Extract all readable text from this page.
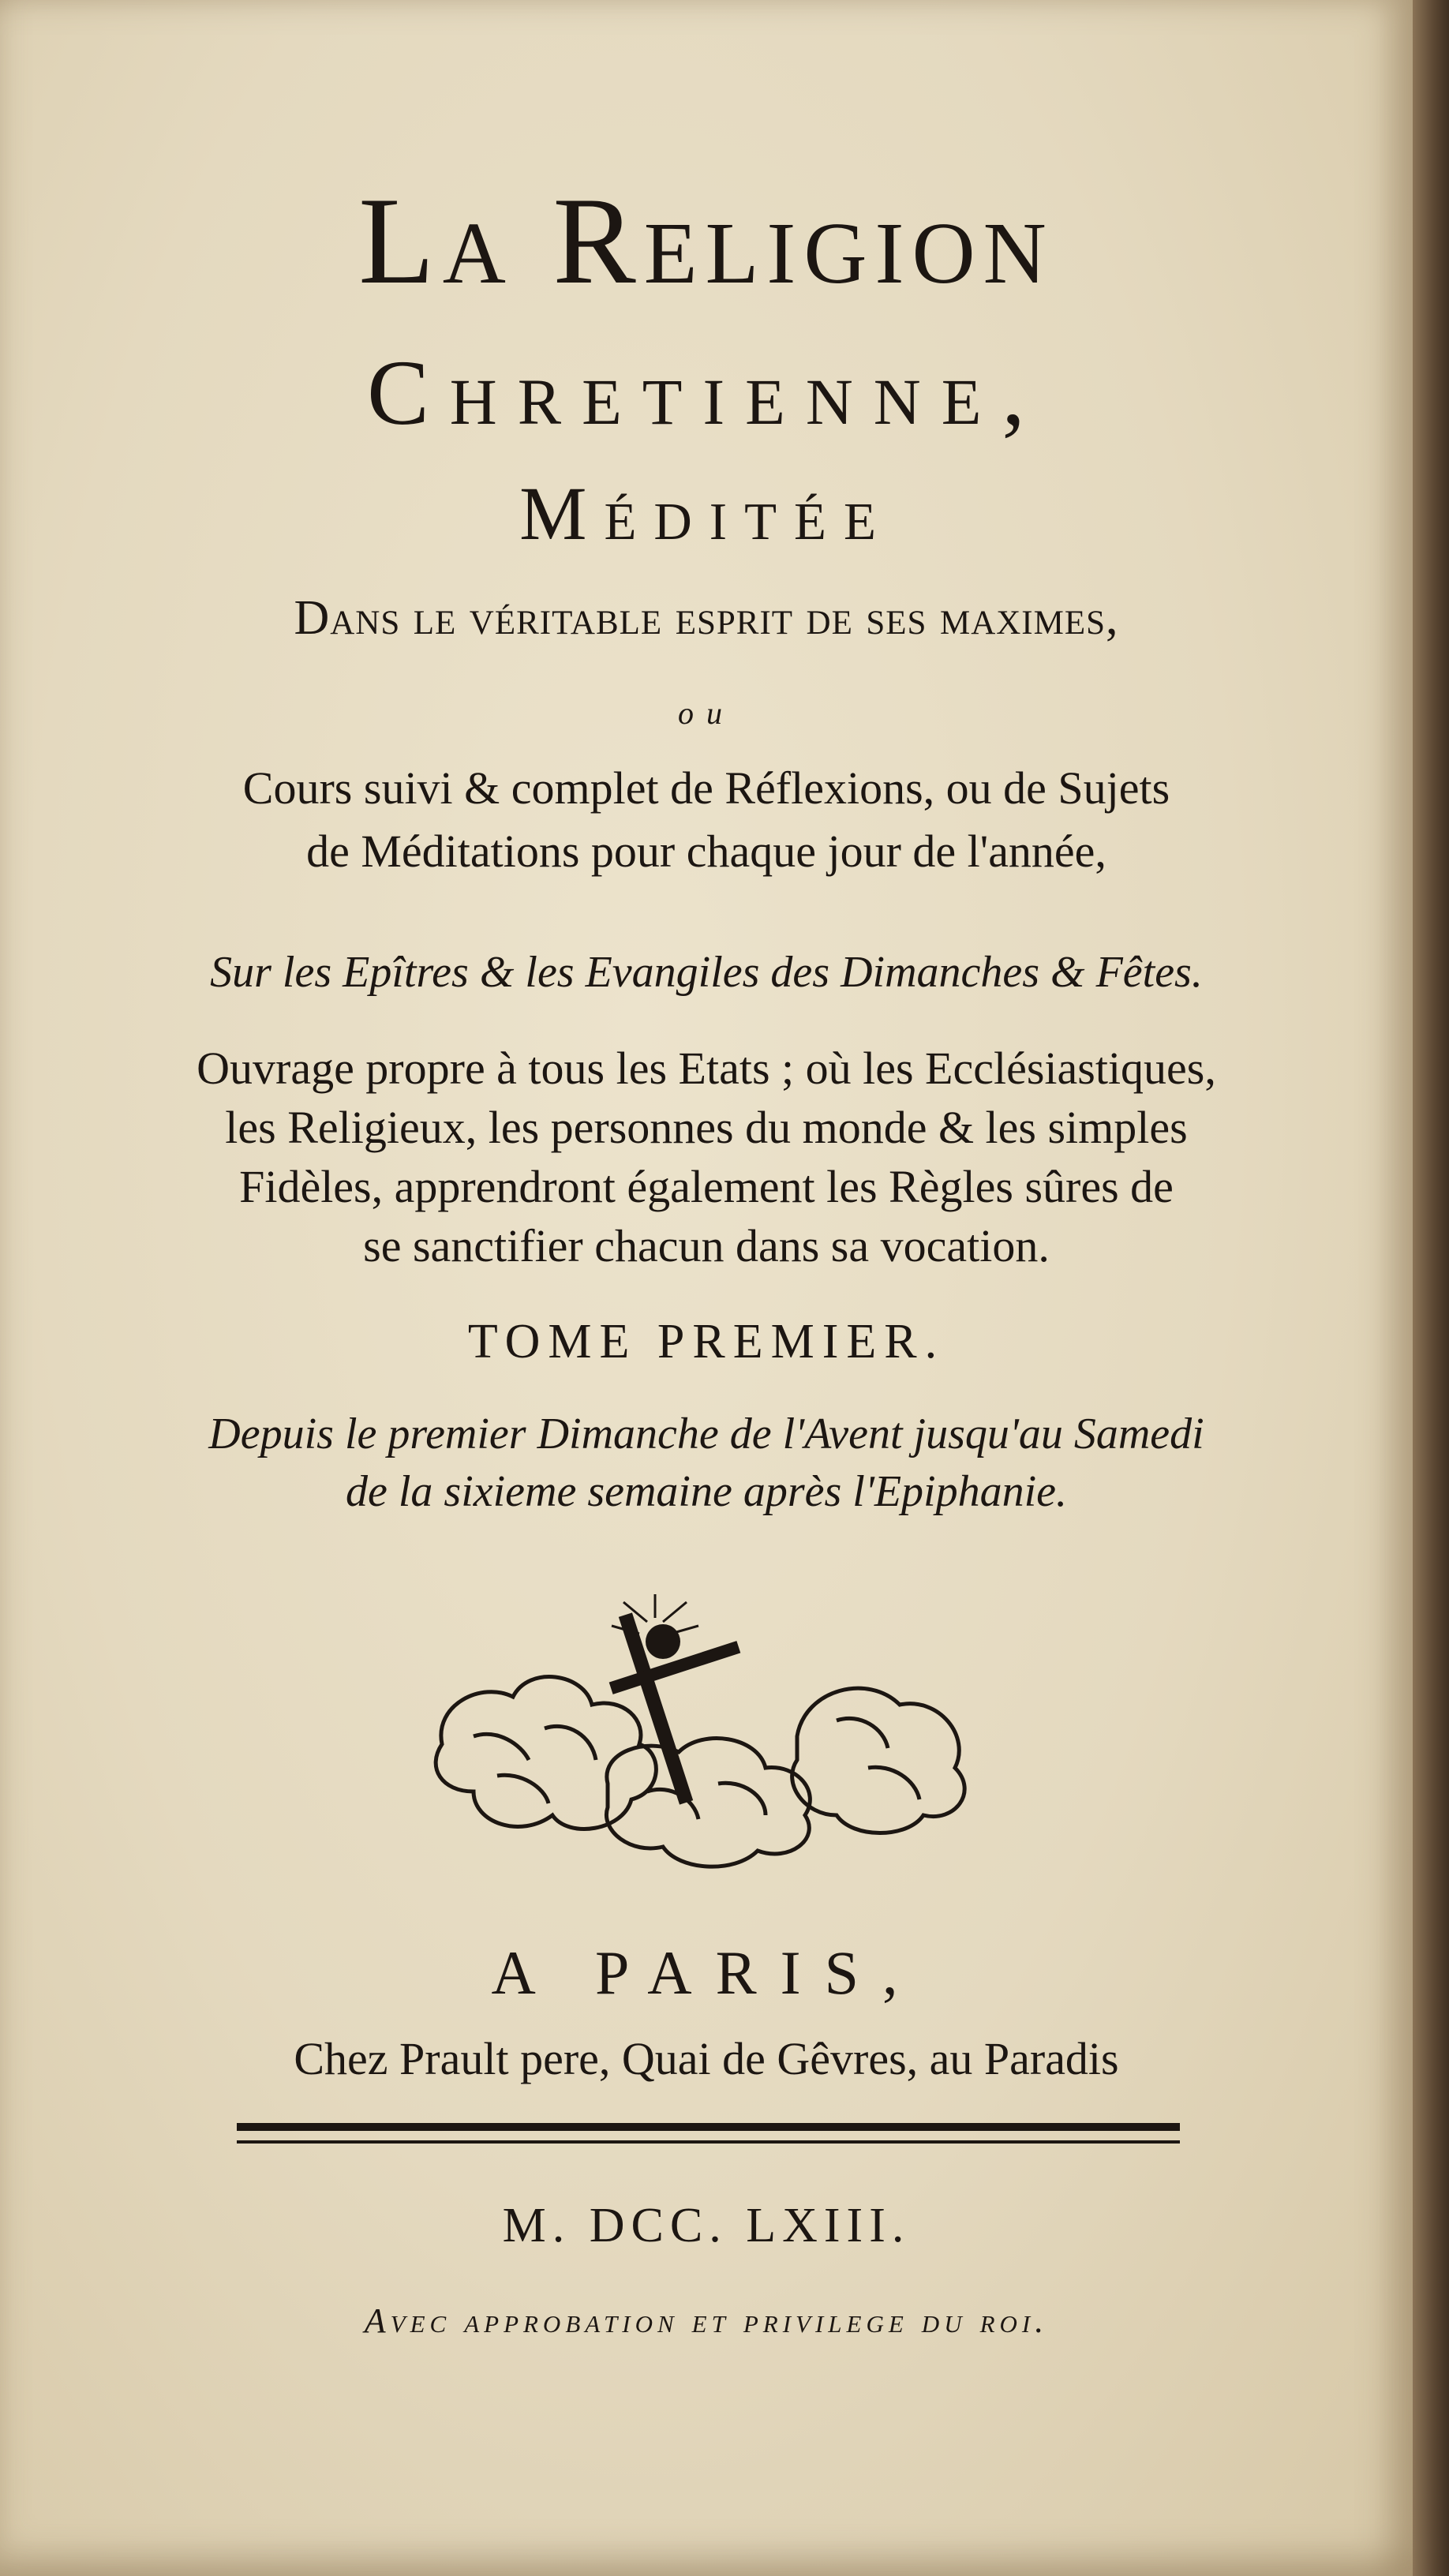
La Religion
Chretienne,
Méditée
Dans le véritable esprit de ses maximes,
ou
Cours suivi & complet de Réflexions, ou de Sujets
de Méditations pour chaque jour de l'année,
Sur les Epîtres & les Evangiles des Dimanches & Fêtes.
Ouvrage propre à tous les Etats ; où les Ecclésiastiques,
les Religieux, les personnes du monde & les simples
Fidèles, apprendront également les Règles sûres de
se sanctifier chacun dans sa vocation.
TOME PREMIER.
Depuis le premier Dimanche de l'Avent jusqu'au Samedi
de la sixieme semaine après l'Epiphanie.
A PARIS,
Chez Prault pere, Quai de Gêvres, au Paradis
M. DCC. LXIII.
Avec approbation et privilege du roi.
